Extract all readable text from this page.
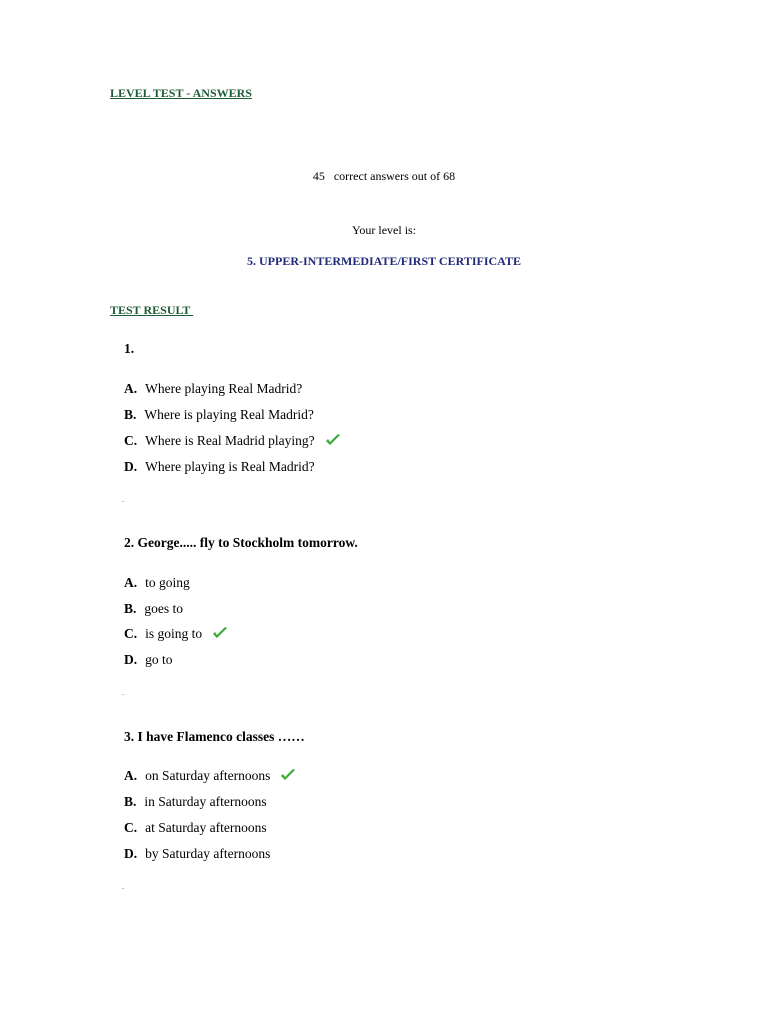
LEVEL TEST - ANSWERS
45 correct answers out of 68
Your level is:
5. UPPER-INTERMEDIATE/FIRST CERTIFICATE
TEST RESULT
1.
A. Where playing Real Madrid?
B. Where is playing Real Madrid?
C. Where is Real Madrid playing?
D. Where playing is Real Madrid?
2. George..... fly to Stockholm tomorrow.
A. to going
B. goes to
C. is going to
D. go to
3. I have Flamenco classes ……
A. on Saturday afternoons
B. in Saturday afternoons
C. at Saturday afternoons
D. by Saturday afternoons
